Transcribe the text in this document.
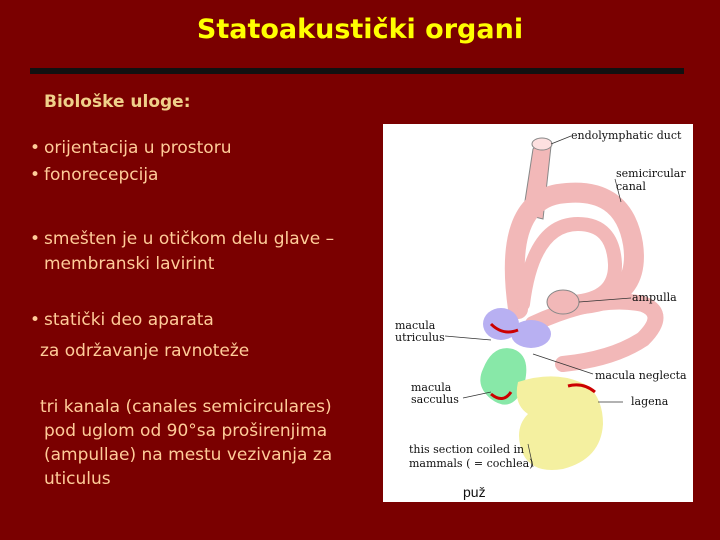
Statoakustički organi
Biološke uloge:
• orijentacija u prostoru
• fonorecepcija
• smešten je u otičkom delu glave –
membranski lavirint
• statički deo aparata
za održavanje ravnoteže
tri kanala (canales semicirculares)
pod uglom od 90°sa proširenjima
(ampullae) na mestu vezivanja za
uticulus
endolymphatic duct
semicircular
canal
ampulla
macula
utriculus
macula neglecta
macula
sacculus	lagena
this section coiled in
mammals ( = cochlea)
puž
